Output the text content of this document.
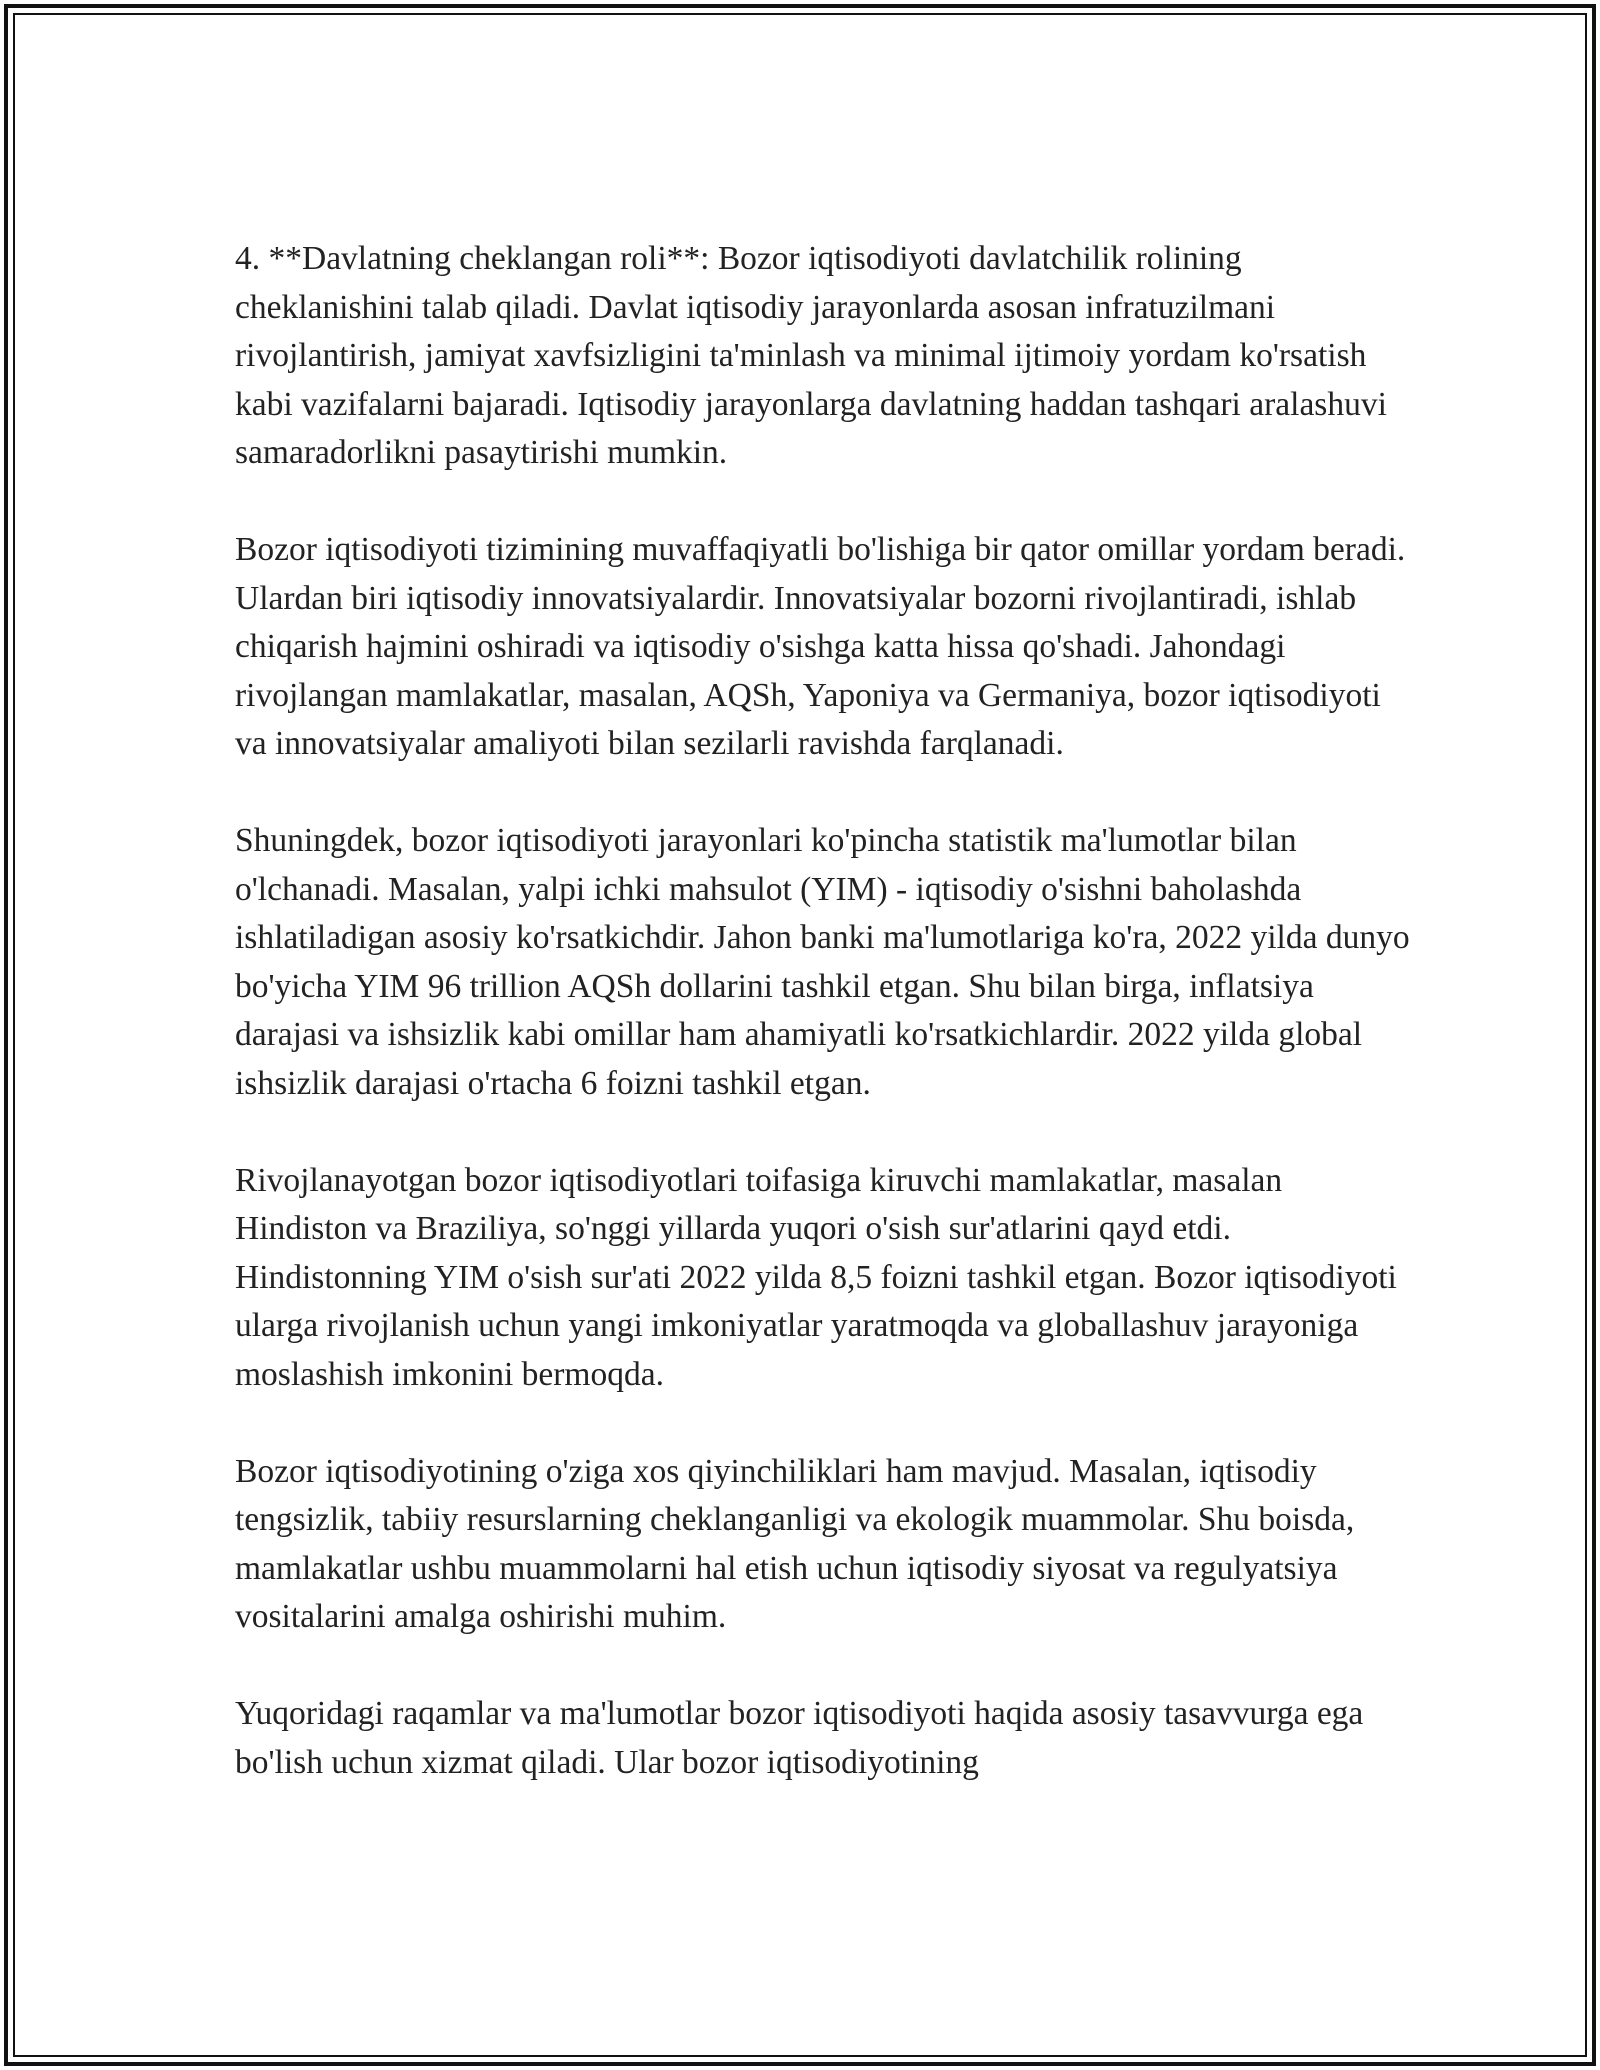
4. **Davlatning cheklangan roli**: Bozor iqtisodiyoti davlatchilik rolining cheklanishini talab qiladi. Davlat iqtisodiy jarayonlarda asosan infratuzilmani rivojlantirish, jamiyat xavfsizligini ta'minlash va minimal ijtimoiy yordam ko'rsatish kabi vazifalarni bajaradi. Iqtisodiy jarayonlarga davlatning haddan tashqari aralashuvi samaradorlikni pasaytirishi mumkin.

Bozor iqtisodiyoti tizimining muvaffaqiyatli bo'lishiga bir qator omillar yordam beradi. Ulardan biri iqtisodiy innovatsiyalardir. Innovatsiyalar bozorni rivojlantiradi, ishlab chiqarish hajmini oshiradi va iqtisodiy o'sishga katta hissa qo'shadi. Jahondagi rivojlangan mamlakatlar, masalan, AQSh, Yaponiya va Germaniya, bozor iqtisodiyoti va innovatsiyalar amaliyoti bilan sezilarli ravishda farqlanadi.

Shuningdek, bozor iqtisodiyoti jarayonlari ko'pincha statistik ma'lumotlar bilan o'lchanadi. Masalan, yalpi ichki mahsulot (YIM) - iqtisodiy o'sishni baholashda ishlatiladigan asosiy ko'rsatkichdir. Jahon banki ma'lumotlariga ko'ra, 2022 yilda dunyo bo'yicha YIM 96 trillion AQSh dollarini tashkil etgan. Shu bilan birga, inflatsiya darajasi va ishsizlik kabi omillar ham ahamiyatli ko'rsatkichlardir. 2022 yilda global ishsizlik darajasi o'rtacha 6 foizni tashkil etgan.

Rivojlanayotgan bozor iqtisodiyotlari toifasiga kiruvchi mamlakatlar, masalan Hindiston va Braziliya, so'nggi yillarda yuqori o'sish sur'atlarini qayd etdi. Hindistonning YIM o'sish sur'ati 2022 yilda 8,5 foizni tashkil etgan. Bozor iqtisodiyoti ularga rivojlanish uchun yangi imkoniyatlar yaratmoqda va globallashuv jarayoniga moslashish imkonini bermoqda.

Bozor iqtisodiyotining o'ziga xos qiyinchiliklari ham mavjud. Masalan, iqtisodiy tengsizlik, tabiiy resurslarning cheklanganligi va ekologik muammolar. Shu boisda, mamlakatlar ushbu muammolarni hal etish uchun iqtisodiy siyosat va regulyatsiya vositalarini amalga oshirishi muhim.

Yuqoridagi raqamlar va ma'lumotlar bozor iqtisodiyoti haqida asosiy tasavvurga ega bo'lish uchun xizmat qiladi. Ular bozor iqtisodiyotining
